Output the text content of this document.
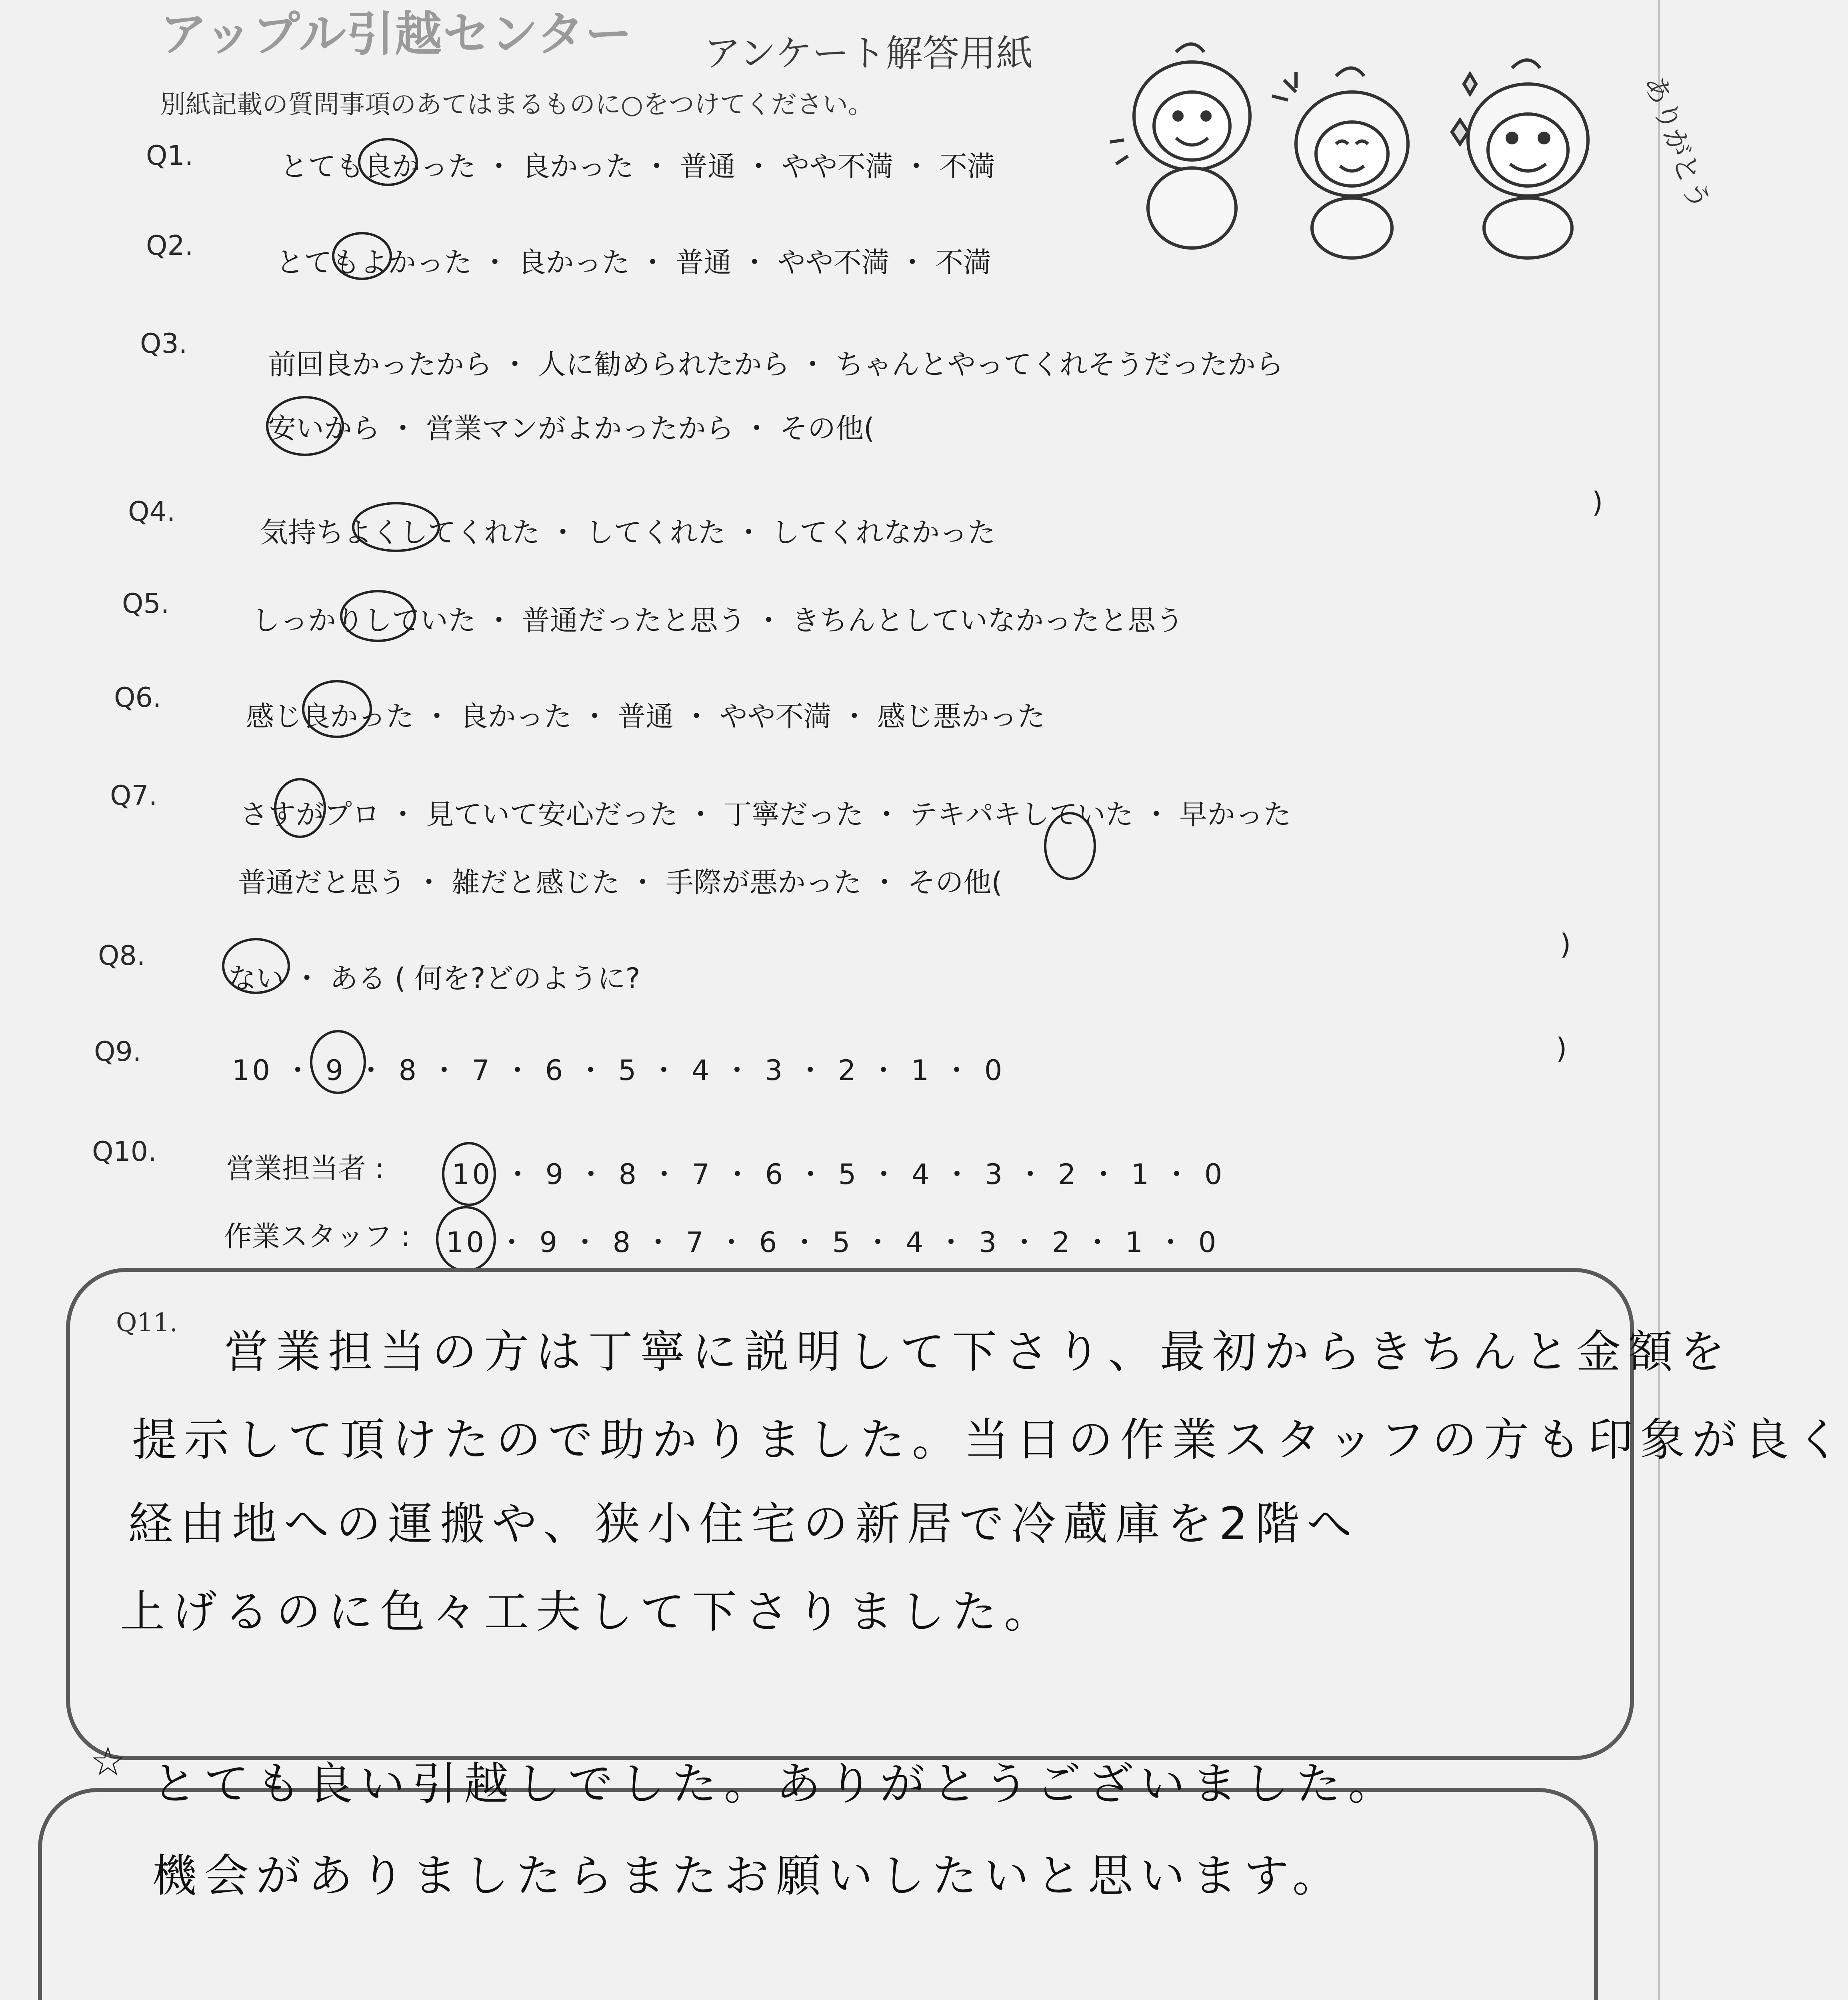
アップル引越センター アンケート解答用紙
別紙記載の質問事項のあてはまるものに○をつけてください。	ありがとう
Q1.	とても良かった ・ 良かった ・ 普通 ・ やや不満 ・ 不満
Q2.
とてもよかった ・ 良かった ・ 普通 ・ やや不満 ・ 不満
Q3.
前回良かったから ・ 人に勧められたから ・ ちゃんとやってくれそうだったから
安いから ・ 営業マンがよかったから ・ その他(
)
Q4.
気持ちよくしてくれた ・ してくれた ・ してくれなかった
Q5.
しっかりしていた ・ 普通だったと思う ・ きちんとしていなかったと思う
Q6.
感じ良かった ・ 良かった ・ 普通 ・ やや不満 ・ 感じ悪かった
Q7.
さすがプロ ・ 見ていて安心だった ・ 丁寧だった ・ テキパキしていた ・ 早かった
普通だと思う ・ 雑だと感じた ・ 手際が悪かった ・ その他(
)
Q8.
ない ・ ある ( 何を?どのように?
)
Q9.
10 ・ 9 ・ 8 ・ 7 ・ 6 ・ 5 ・ 4 ・ 3 ・ 2 ・ 1 ・ 0
Q10.
営業担当者 : 10 ・ 9 ・ 8 ・ 7 ・ 6 ・ 5 ・ 4 ・ 3 ・ 2 ・ 1 ・ 0
作業スタッフ : 10 ・ 9 ・ 8 ・ 7 ・ 6 ・ 5 ・ 4 ・ 3 ・ 2 ・ 1 ・ 0
Q11.
営業担当の方は丁寧に説明して下さり、最初からきちんと金額を
提示して頂けたので助かりました。当日の作業スタッフの方も印象が良く
経由地への運搬や、狭小住宅の新居で冷蔵庫を2階へ
上げるのに色々工夫して下さりました。
☆ とても良い引越しでした。ありがとうございました。
機会がありましたらまたお願いしたいと思います。
